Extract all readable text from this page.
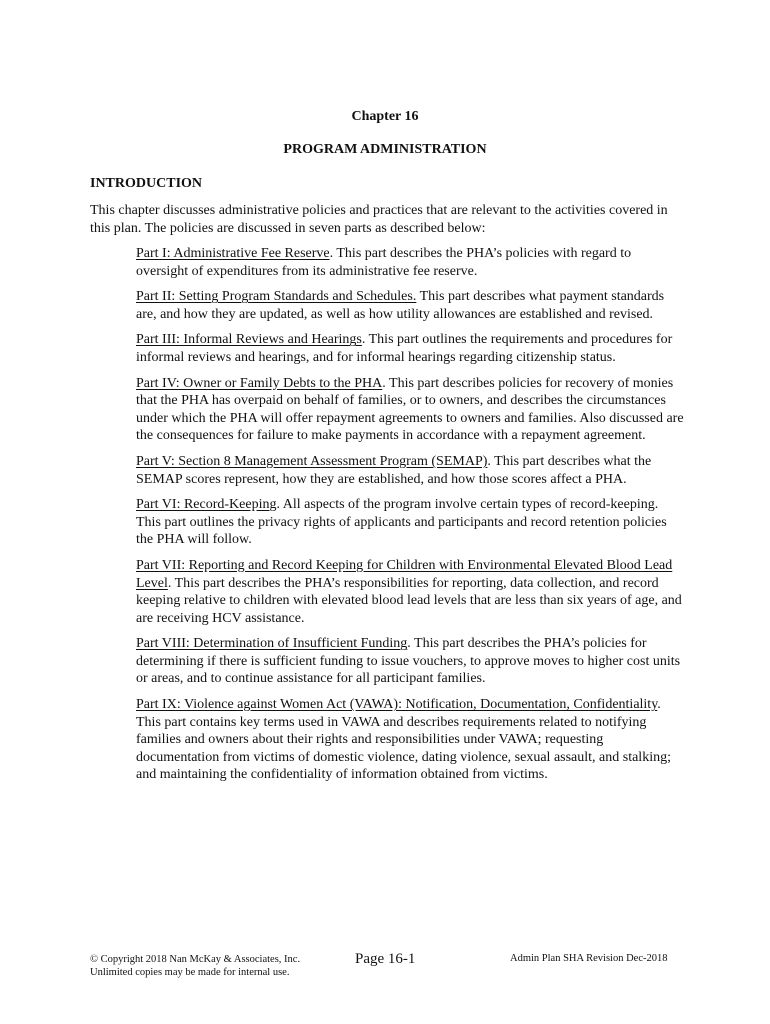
Chapter 16
PROGRAM ADMINISTRATION
INTRODUCTION

This chapter discusses administrative policies and practices that are relevant to the activities covered in this plan. The policies are discussed in seven parts as described below:

Part I: Administrative Fee Reserve. This part describes the PHA’s policies with regard to oversight of expenditures from its administrative fee reserve.
Part II: Setting Program Standards and Schedules. This part describes what payment standards are, and how they are updated, as well as how utility allowances are established and revised.
Part III: Informal Reviews and Hearings. This part outlines the requirements and procedures for informal reviews and hearings, and for informal hearings regarding citizenship status.
Part IV: Owner or Family Debts to the PHA. This part describes policies for recovery of monies that the PHA has overpaid on behalf of families, or to owners, and describes the circumstances under which the PHA will offer repayment agreements to owners and families. Also discussed are the consequences for failure to make payments in accordance with a repayment agreement.
Part V: Section 8 Management Assessment Program (SEMAP). This part describes what the SEMAP scores represent, how they are established, and how those scores affect a PHA.
Part VI: Record-Keeping. All aspects of the program involve certain types of record-keeping. This part outlines the privacy rights of applicants and participants and record retention policies the PHA will follow.
Part VII: Reporting and Record Keeping for Children with Environmental Elevated Blood Lead Level. This part describes the PHA’s responsibilities for reporting, data collection, and record keeping relative to children with elevated blood lead levels that are less than six years of age, and are receiving HCV assistance.
Part VIII: Determination of Insufficient Funding. This part describes the PHA’s policies for determining if there is sufficient funding to issue vouchers, to approve moves to higher cost units or areas, and to continue assistance for all participant families.
Part IX: Violence against Women Act (VAWA): Notification, Documentation, Confidentiality. This part contains key terms used in VAWA and describes requirements related to notifying families and owners about their rights and responsibilities under VAWA; requesting documentation from victims of domestic violence, dating violence, sexual assault, and stalking; and maintaining the confidentiality of information obtained from victims.
© Copyright 2018 Nan McKay & Associates, Inc.
Unlimited copies may be made for internal use.
Page 16-1	Admin Plan SHA Revision Dec-2018
